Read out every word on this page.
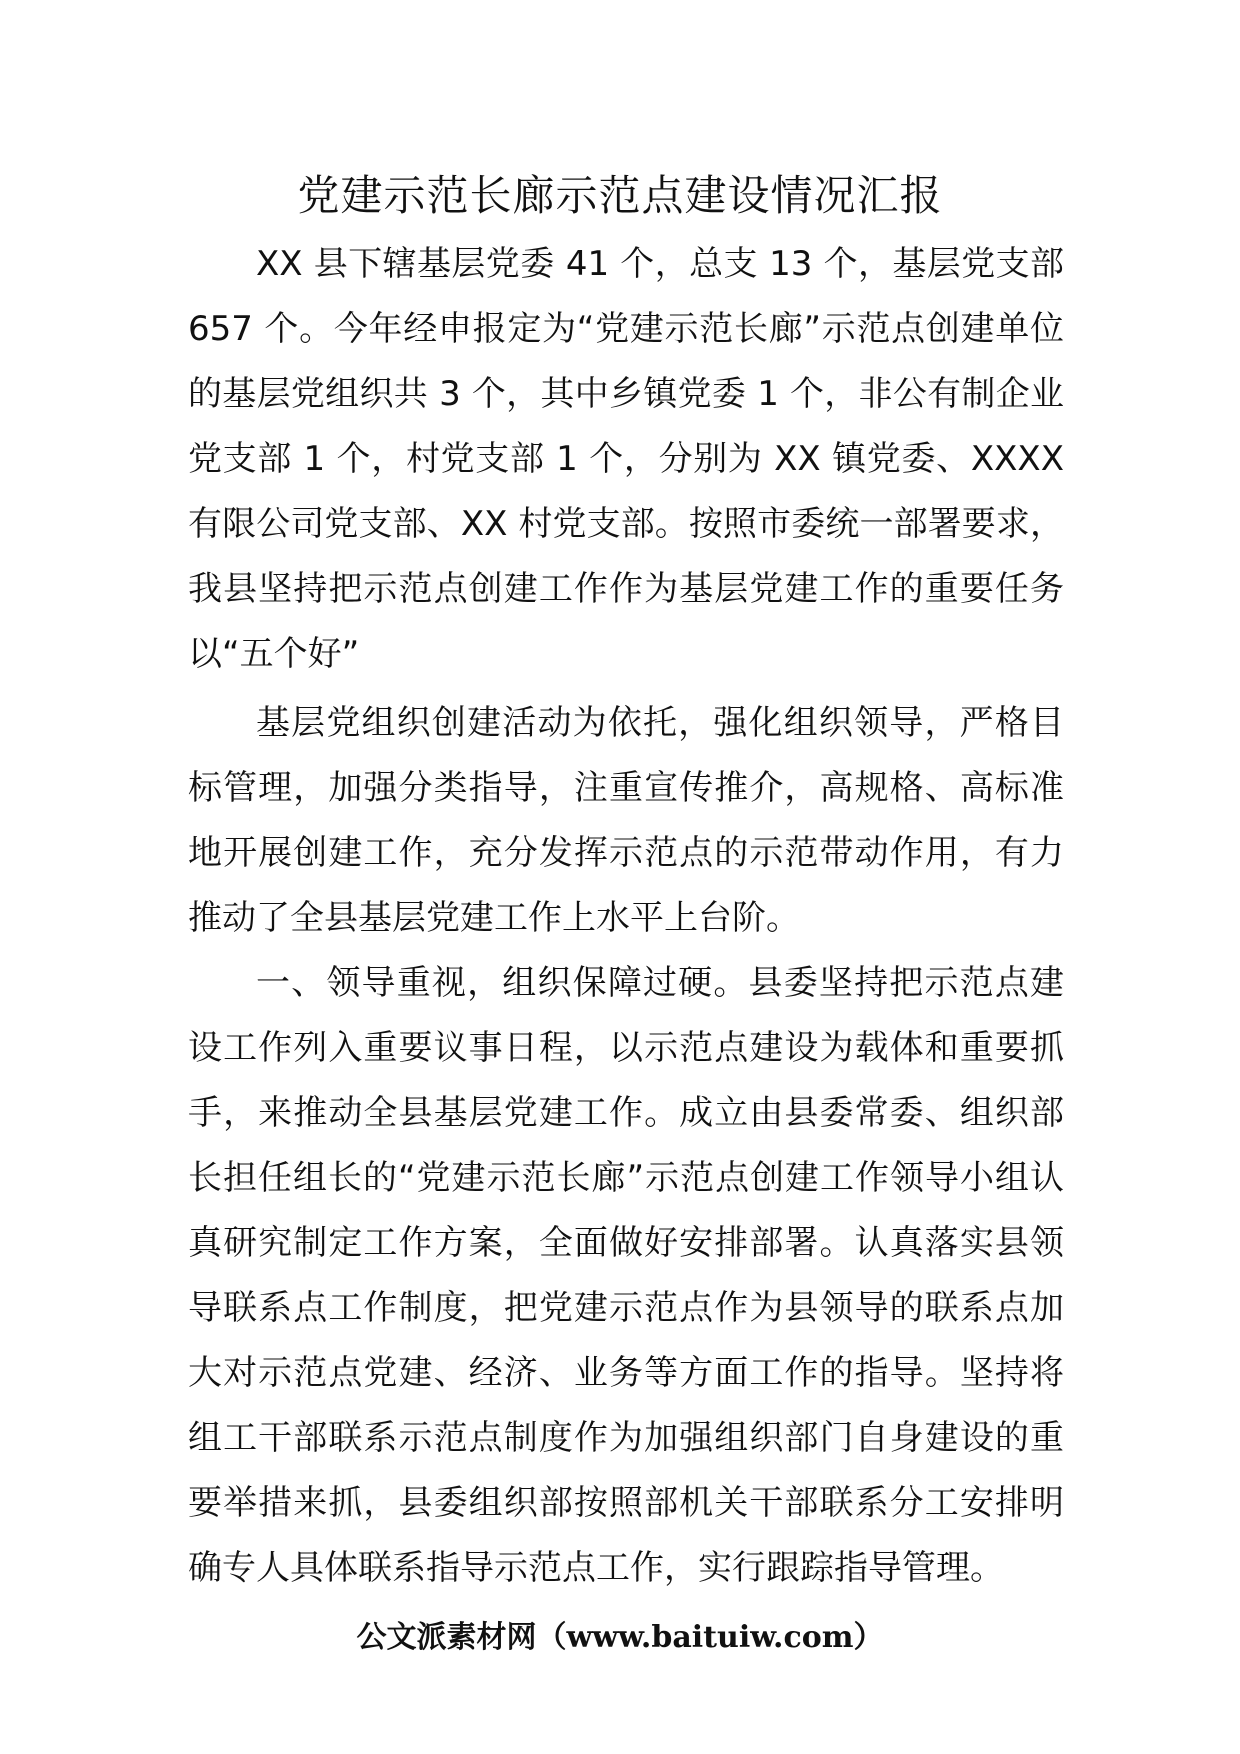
党建示范长廊示范点建设情况汇报

XX 县下辖基层党委 41 个，总支 13 个，基层党支部 657 个。今年经申报定为“党建示范长廊”示范点创建单位的基层党组织共 3 个，其中乡镇党委 1 个，非公有制企业党支部 1 个，村党支部 1 个，分别为 XX 镇党委、XXXX 有限公司党支部、XX 村党支部。按照市委统一部署要求，我县坚持把示范点创建工作作为基层党建工作的重要任务以“五个好”

基层党组织创建活动为依托，强化组织领导，严格目标管理，加强分类指导，注重宣传推介，高规格、高标准地开展创建工作，充分发挥示范点的示范带动作用，有力推动了全县基层党建工作上水平上台阶。

一、领导重视，组织保障过硬。县委坚持把示范点建设工作列入重要议事日程，以示范点建设为载体和重要抓手，来推动全县基层党建工作。成立由县委常委、组织部长担任组长的“党建示范长廊”示范点创建工作领导小组认真研究制定工作方案，全面做好安排部署。认真落实县领导联系点工作制度，把党建示范点作为县领导的联系点加大对示范点党建、经济、业务等方面工作的指导。坚持将组工干部联系示范点制度作为加强组织部门自身建设的重要举措来抓，县委组织部按照部机关干部联系分工安排明确专人具体联系指导示范点工作，实行跟踪指导管理。

公文派素材网（www.baituiw.com）
